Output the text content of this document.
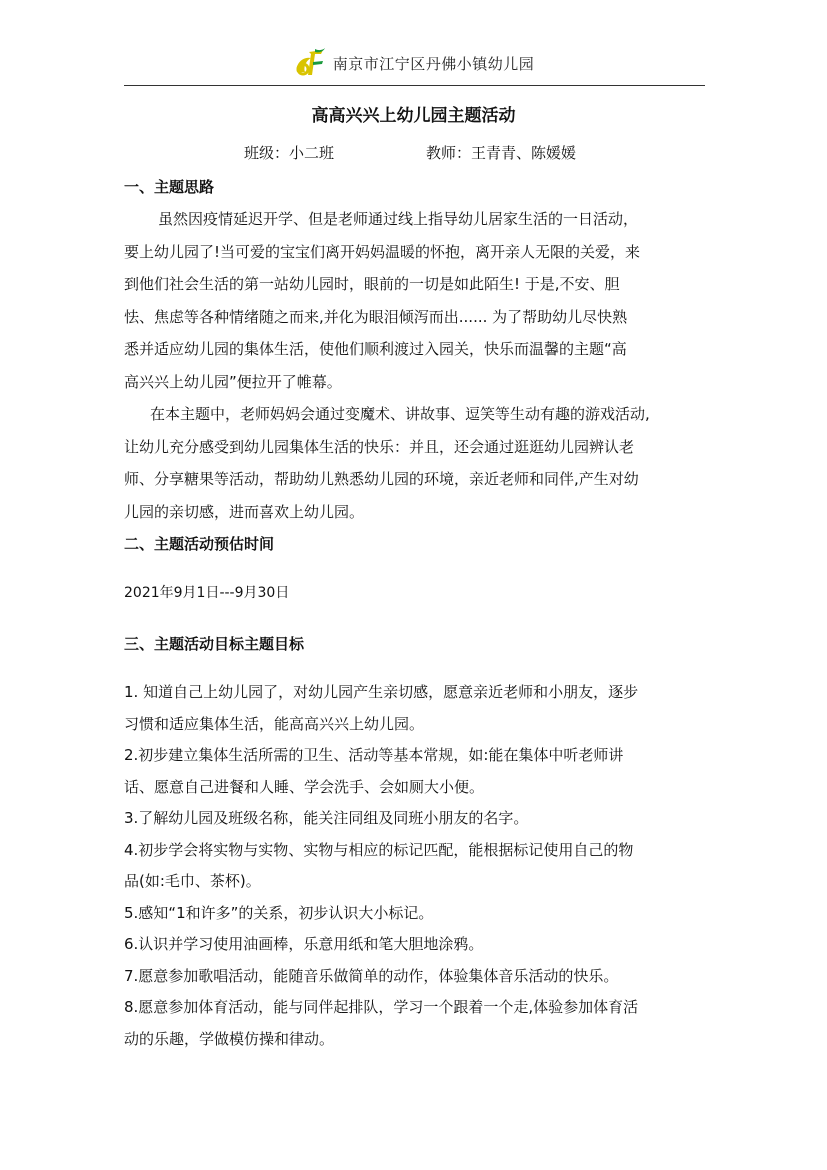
南京市江宁区丹佛小镇幼儿园
高高兴兴上幼儿园主题活动
班级：小二班	教师：王青青、陈媛媛
一、主题思路
虽然因疫情延迟开学、但是老师通过线上指导幼儿居家生活的一日活动，
要上幼儿园了!当可爱的宝宝们离开妈妈温暖的怀抱，离开亲人无限的关爱，来
到他们社会生活的第一站幼儿园时，眼前的一切是如此陌生! 于是,不安、胆
怯、焦虑等各种情绪随之而来,并化为眼泪倾泻而出...... 为了帮助幼儿尽快熟
悉并适应幼儿园的集体生活，使他们顺利渡过入园关，快乐而温馨的主题“高
高兴兴上幼儿园”便拉开了帷幕。
在本主题中，老师妈妈会通过变魔术、讲故事、逗笑等生动有趣的游戏活动,
让幼儿充分感受到幼儿园集体生活的快乐：并且，还会通过逛逛幼儿园辨认老
师、分享糖果等活动，帮助幼儿熟悉幼儿园的环境，亲近老师和同伴,产生对幼
儿园的亲切感，进而喜欢上幼儿园。
二、主题活动预估时间
2021年9月1日---9月30日
三、主题活动目标主题目标
1. 知道自己上幼儿园了，对幼儿园产生亲切感，愿意亲近老师和小朋友，逐步
习惯和适应集体生活，能高高兴兴上幼儿园。
2.初步建立集体生活所需的卫生、活动等基本常规，如:能在集体中听老师讲
话、愿意自己进餐和人睡、学会洗手、会如厕大小便。
3.了解幼儿园及班级名称，能关注同组及同班小朋友的名字。
4.初步学会将实物与实物、实物与相应的标记匹配，能根据标记使用自己的物
品(如:毛巾、茶杯)。
5.感知“1和许多”的关系，初步认识大小标记。
6.认识并学习使用油画棒，乐意用纸和笔大胆地涂鸦。
7.愿意参加歌唱活动，能随音乐做简单的动作，体验集体音乐活动的快乐。
8.愿意参加体育活动，能与同伴起排队，学习一个跟着一个走,体验参加体育活
动的乐趣，学做模仿操和律动。
